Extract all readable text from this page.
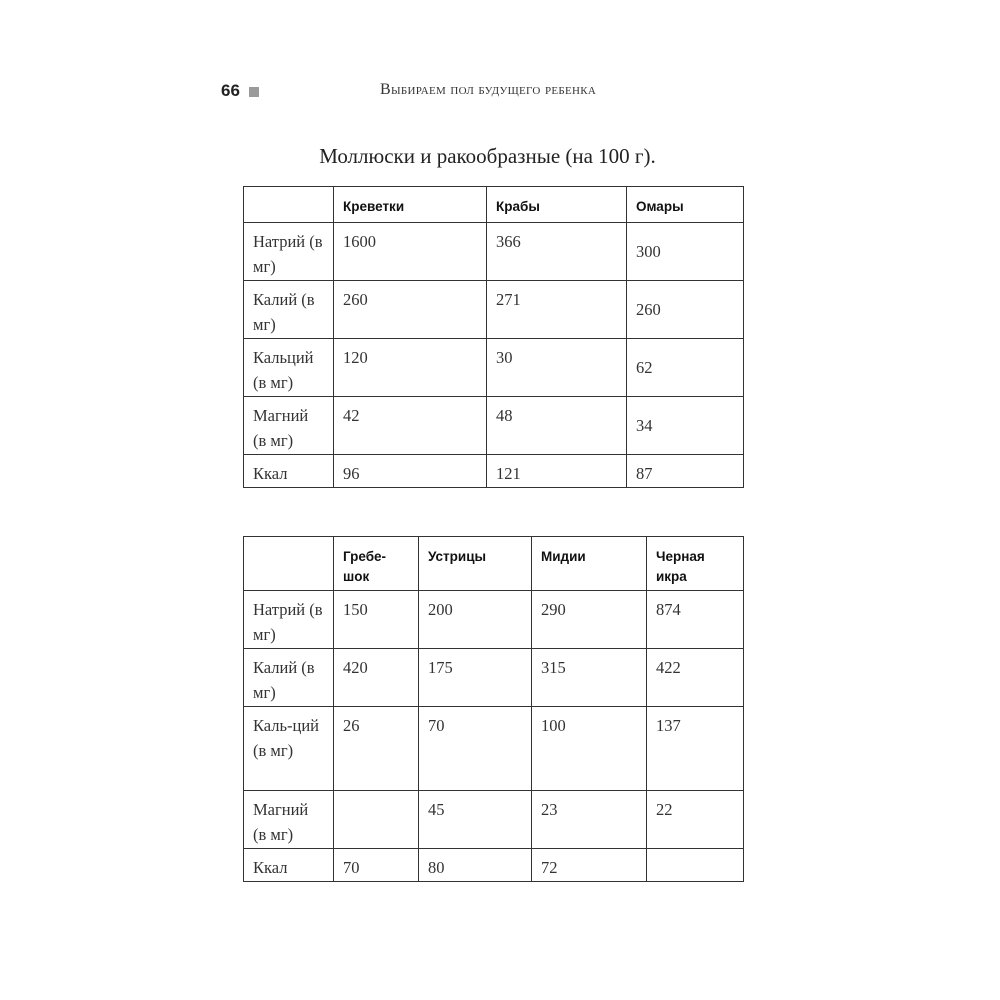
66	Выбираем пол будущего ребенка
Моллюски и ракообразные (на 100 г).
	Креветки	Крабы	Омары
Натрий (в мг)	1600	366	300
Калий (в мг)	260	271	260
Кальций (в мг)	120	30	62
Магний (в мг)	42	48	34
Ккал	96	121	87
	Гребе-​шок	Устрицы	Мидии	Черная икра
Натрий (в мг)	150	200	290	874
Калий (в мг)	420	175	315	422
Каль-​ций (в мг)	26	70	100	137
Магний (в мг)		45	23	22
Ккал	70	80	72	
